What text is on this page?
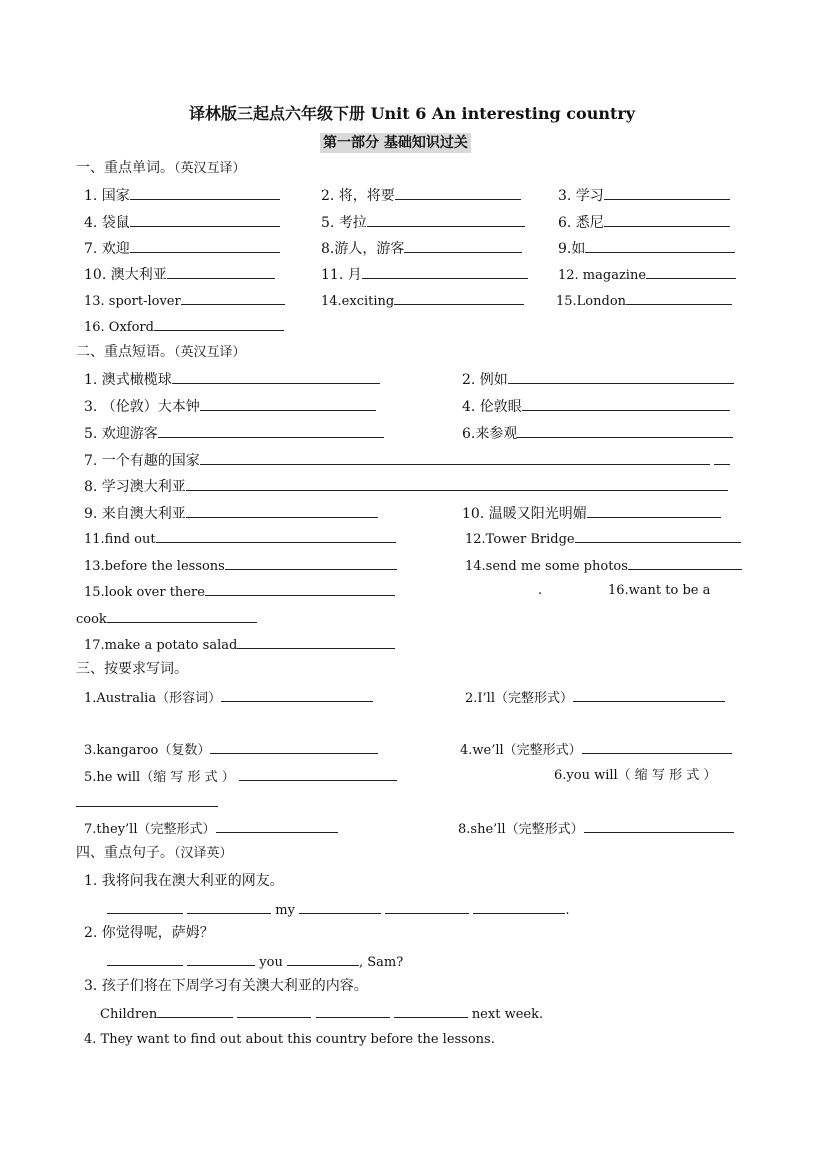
译林版三起点六年级下册 Unit 6 An interesting country
第一部分 基础知识过关
一、重点单词。（英汉互译）
1. 国家	2. 将，将要	3. 学习
4. 袋鼠	5. 考拉	6. 悉尼
7. 欢迎	8.游人，游客	9.如
10. 澳大利亚	11. 月	12. magazine
13. sport-lover	14.exciting	15.London
16. Oxford
二、重点短语。（英汉互译）
1. 澳式橄榄球	2. 例如
3. （伦敦）大本钟	4. 伦敦眼
5. 欢迎游客	6.来参观
7. 一个有趣的国家
8. 学习澳大利亚
9. 来自澳大利亚	10. 温暖又阳光明媚
11.find out	12.Tower Bridge
13.before the lessons	14.send me some photos
15.look over there	.	16.want to be a
cook
17.make a potato salad
三、按要求写词。
1.Australia（形容词）	2.I’ll（完整形式）
3.kangaroo（复数）	4.we’ll（完整形式）
5.he will（缩 写 形 式 ）	6.you will（ 缩 写 形 式 ）
7.they’ll（完整形式）	8.she’ll（完整形式）
四、重点句子。（汉译英）
1. 我将问我在澳大利亚的网友。
my	.
2. 你觉得呢，萨姆？
you	, Sam?
3. 孩子们将在下周学习有关澳大利亚的内容。
Children	next week.
4. They want to find out about this country before the lessons.
